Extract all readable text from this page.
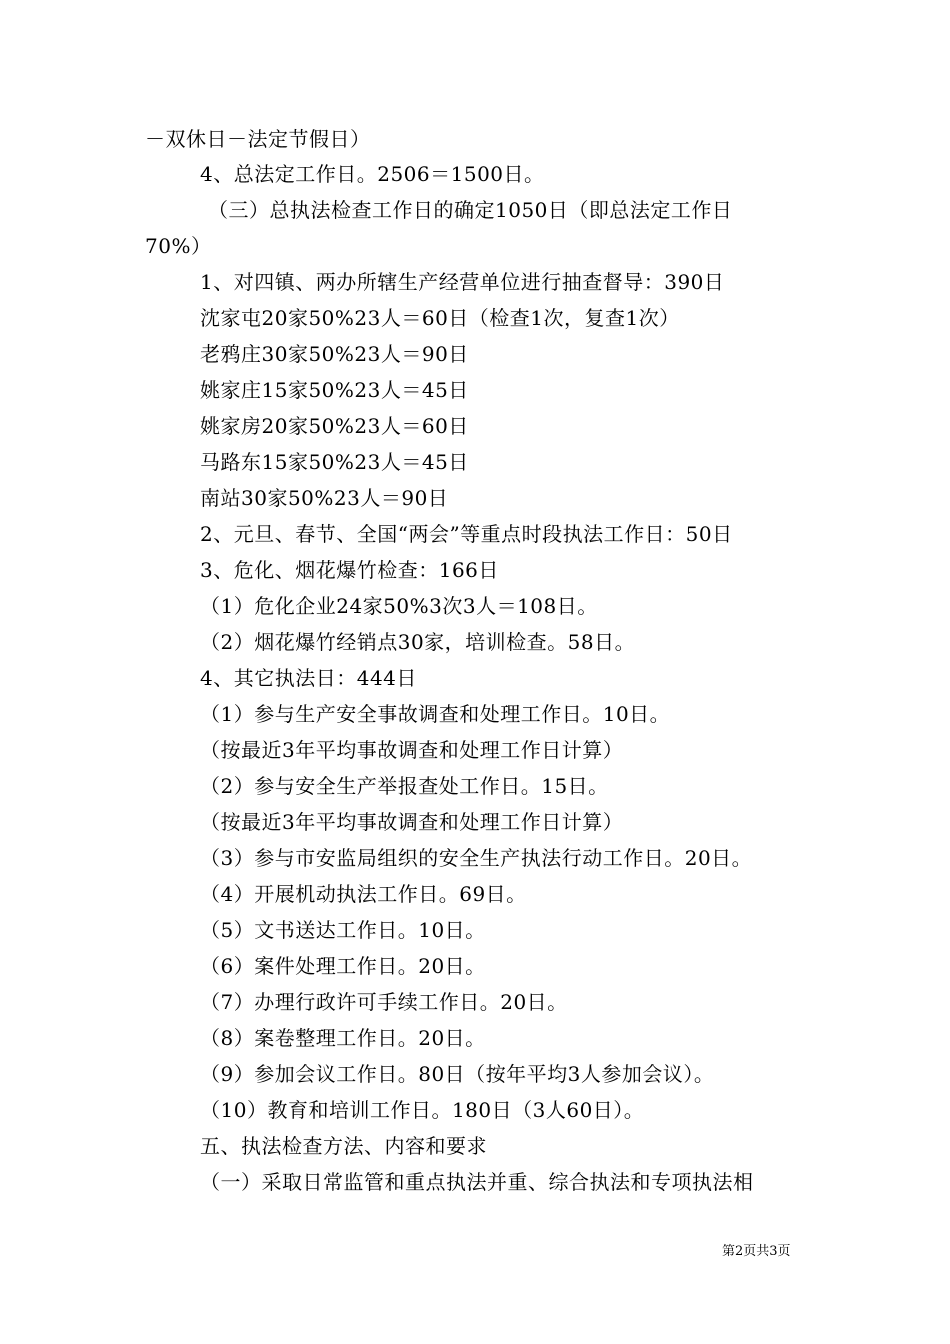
－双休日－法定节假日）
4、总法定工作日。2506＝1500日。
（三）总执法检查工作日的确定1050日（即总法定工作日
70%）
1、对四镇、两办所辖生产经营单位进行抽查督导：390日
沈家屯20家50%23人＝60日（检查1次，复查1次）
老鸦庄30家50%23人＝90日
姚家庄15家50%23人＝45日
姚家房20家50%23人＝60日
马路东15家50%23人＝45日
南站30家50%23人＝90日
2、元旦、春节、全国“两会”等重点时段执法工作日：50日
3、危化、烟花爆竹检查：166日
（1）危化企业24家50%3次3人＝108日。
（2）烟花爆竹经销点30家，培训检查。58日。
4、其它执法日：444日
（1）参与生产安全事故调查和处理工作日。10日。
（按最近3年平均事故调查和处理工作日计算）
（2）参与安全生产举报查处工作日。15日。
（按最近3年平均事故调查和处理工作日计算）
（3）参与市安监局组织的安全生产执法行动工作日。20日。
（4）开展机动执法工作日。69日。
（5）文书送达工作日。10日。
（6）案件处理工作日。20日。
（7）办理行政许可手续工作日。20日。
（8）案卷整理工作日。20日。
（9）参加会议工作日。80日（按年平均3人参加会议）。
（10）教育和培训工作日。180日（3人60日）。
五、执法检查方法、内容和要求
（一）采取日常监管和重点执法并重、综合执法和专项执法相
第2页共3页
